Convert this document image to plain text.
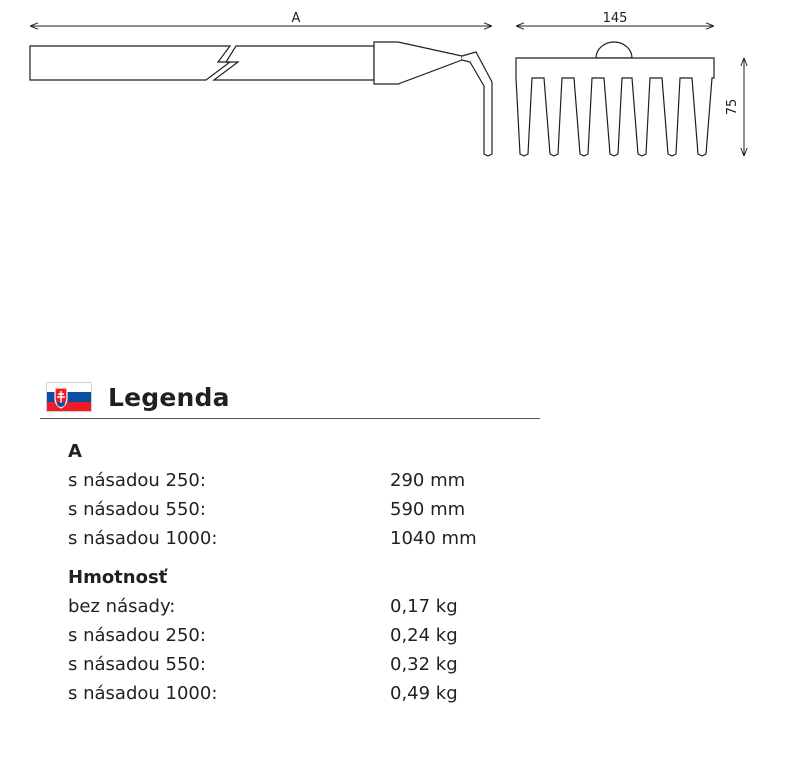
A	145
75
Legenda
A
s násadou 250:	290 mm
s násadou 550:	590 mm
s násadou 1000:	1040 mm
Hmotnosť
bez násady:	0,17 kg
s násadou 250:	0,24 kg
s násadou 550:	0,32 kg
s násadou 1000:	0,49 kg
